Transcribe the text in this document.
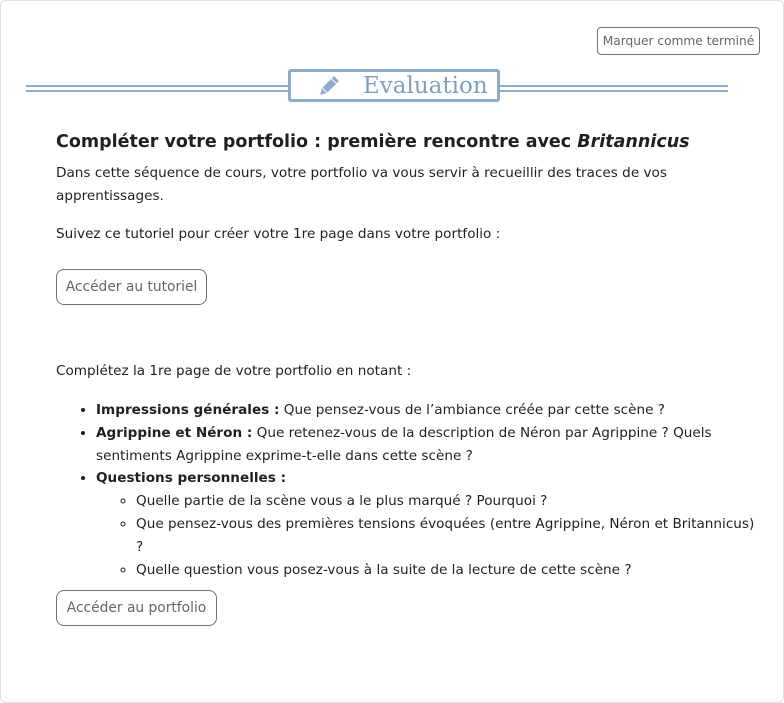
Marquer comme terminé
Evaluation
Compléter votre portfolio : première rencontre avec Britannicus

Dans cette séquence de cours, votre portfolio va vous servir à recueillir des traces de vos apprentissages.

Suivez ce tutoriel pour créer votre 1re page dans votre portfolio :

Accéder au tutoriel

Complétez la 1re page de votre portfolio en notant :

• Impressions générales : Que pensez-vous de l’ambiance créée par cette scène ?
• Agrippine et Néron : Que retenez-vous de la description de Néron par Agrippine ? Quels sentiments Agrippine exprime-t-elle dans cette scène ?
• Questions personnelles :
◦ Quelle partie de la scène vous a le plus marqué ? Pourquoi ?
◦ Que pensez-vous des premières tensions évoquées (entre Agrippine, Néron et Britannicus) ?
◦ Quelle question vous posez-vous à la suite de la lecture de cette scène ?
Accéder au portfolio
